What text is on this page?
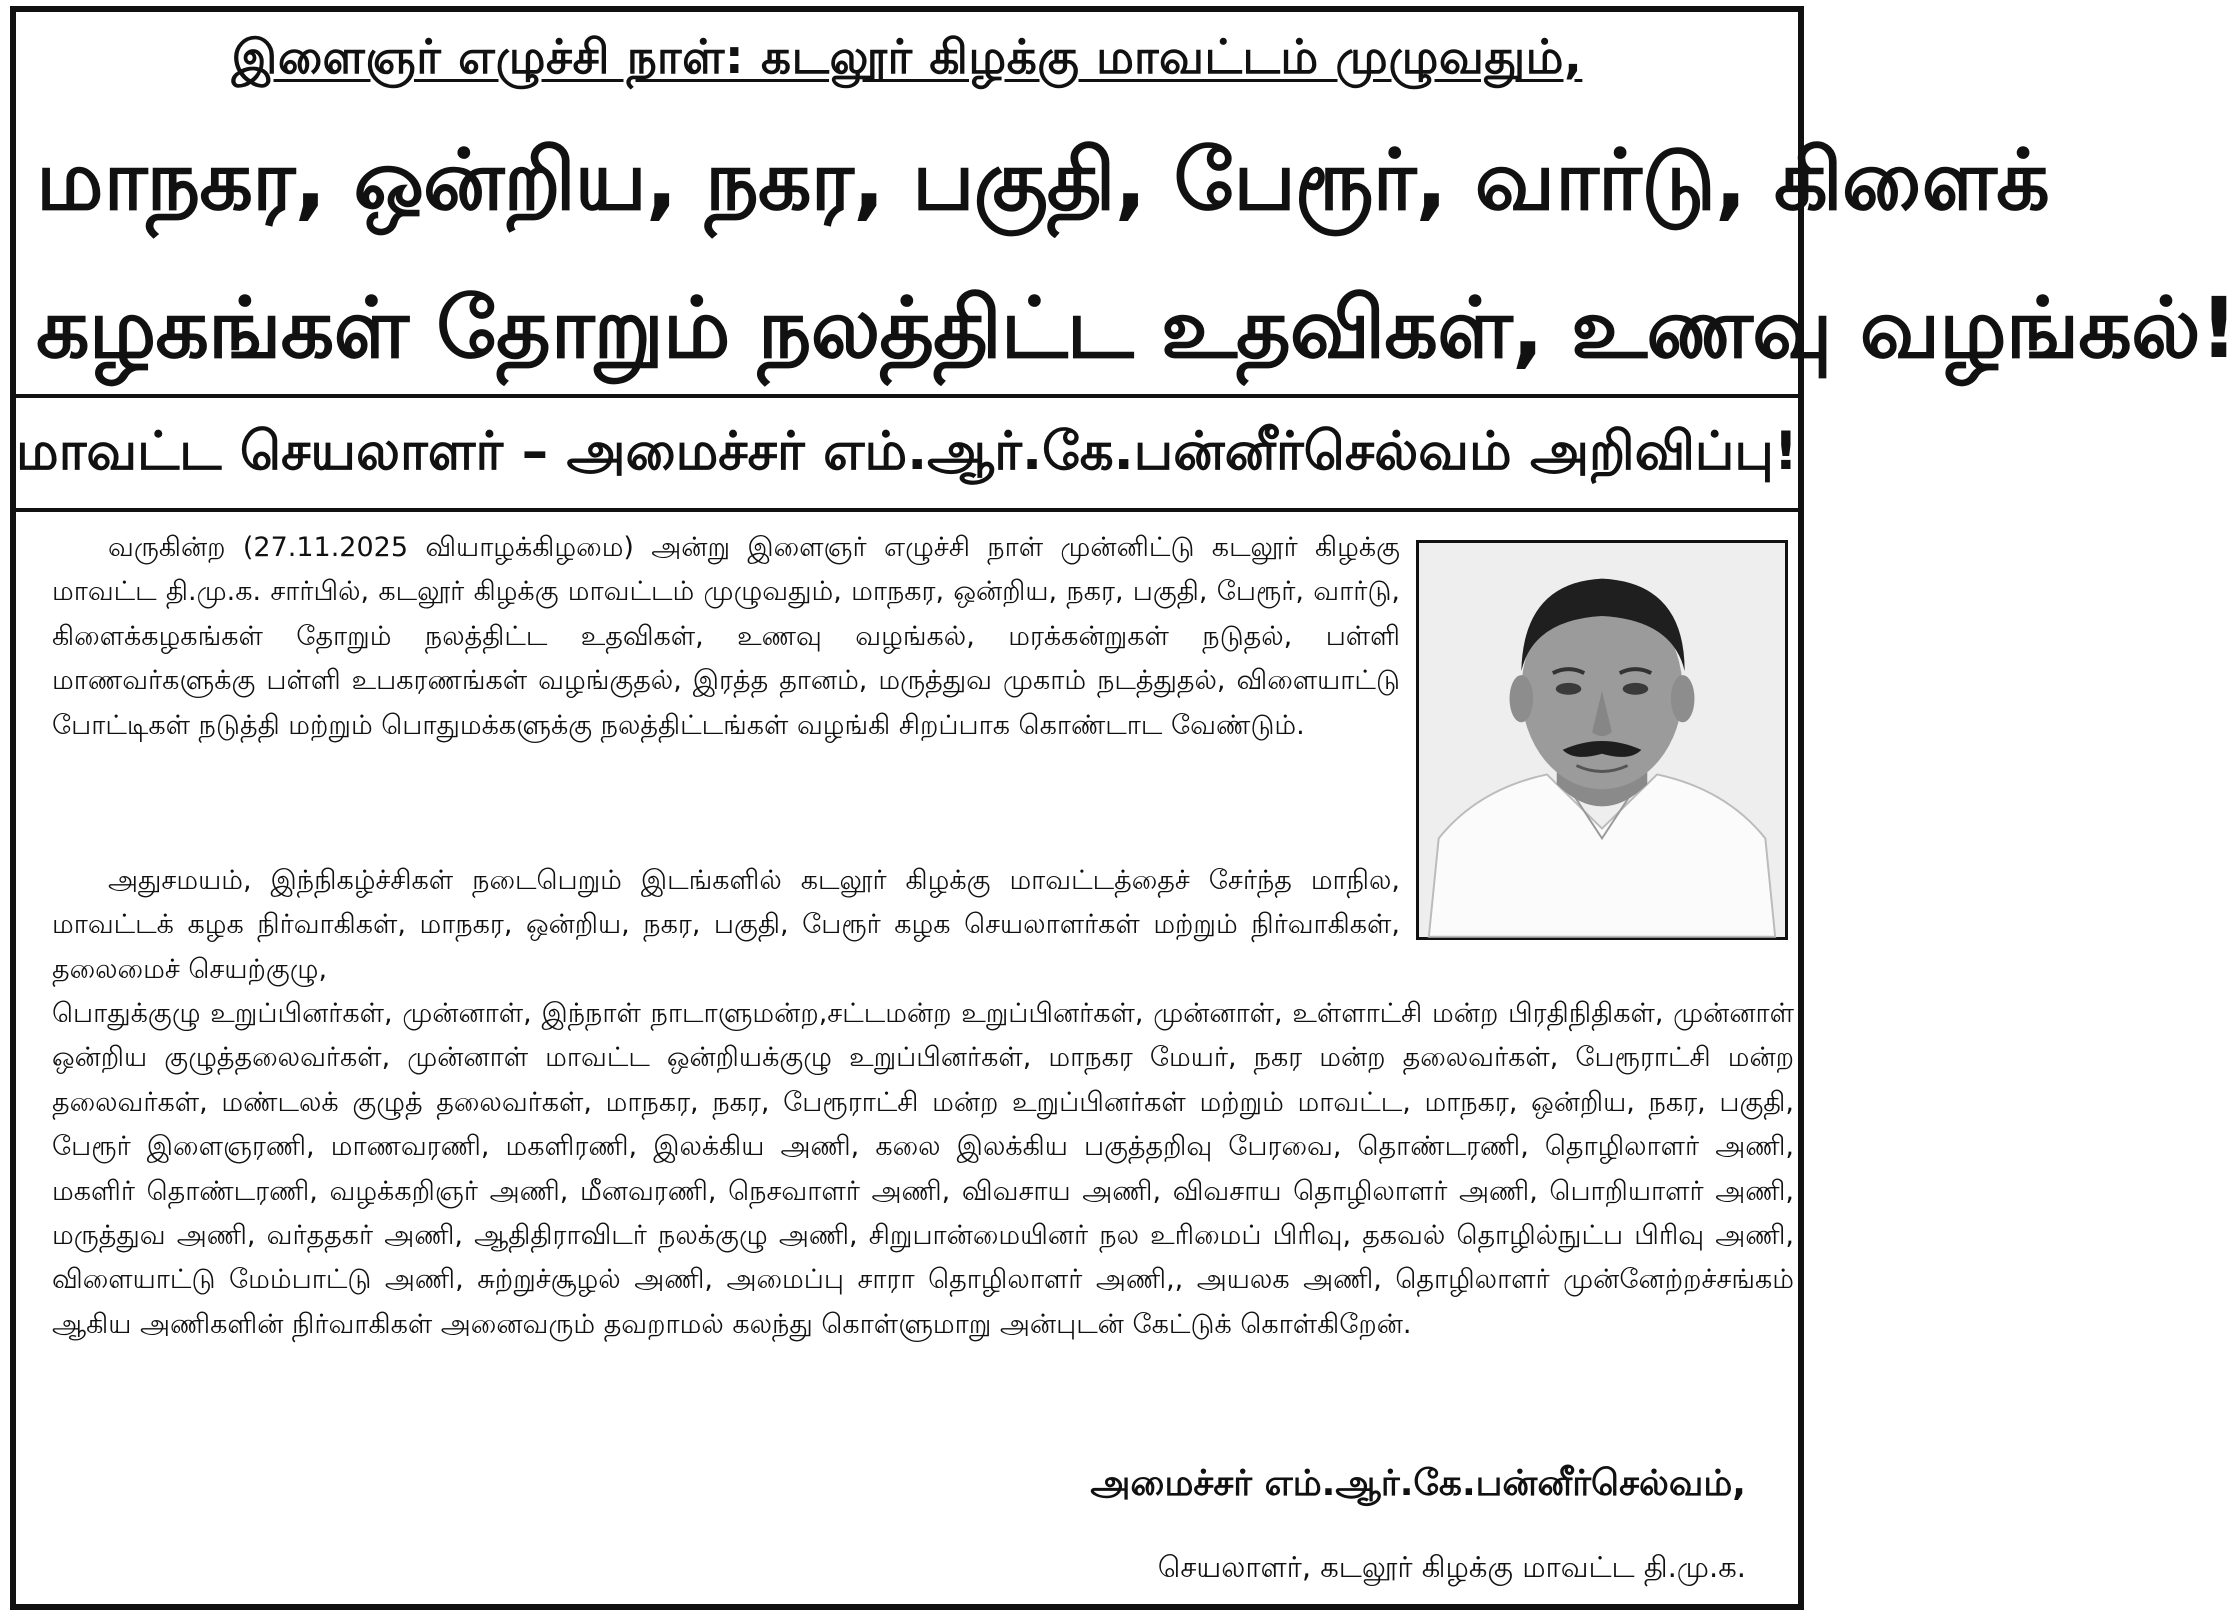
இளைஞர் எழுச்சி நாள்: கடலூர் கிழக்கு மாவட்டம் முழுவதும்,
மாநகர, ஒன்றிய, நகர, பகுதி, பேரூர், வார்டு, கிளைக்
கழகங்கள் தோறும் நலத்திட்ட உதவிகள், உணவு வழங்கல்!
மாவட்ட செயலாளர் – அமைச்சர் எம்.ஆர்.கே.பன்னீர்செல்வம் அறிவிப்பு!
வருகின்ற (27.11.2025 வியாழக்கிழமை) அன்று இளைஞர் எழுச்சி நாள் முன்னிட்டு கடலூர் கிழக்கு மாவட்ட தி.மு.க. சார்பில், கடலூர் கிழக்கு மாவட்டம் முழுவதும், மாநகர, ஒன்றிய, நகர, பகுதி, பேரூர், வார்டு, கிளைக்கழகங்கள் தோறும் நலத்திட்ட உதவிகள், உணவு வழங்கல், மரக்கன்றுகள் நடுதல், பள்ளி மாணவர்களுக்கு பள்ளி உபகரணங்கள் வழங்குதல், இரத்த தானம், மருத்துவ முகாம் நடத்துதல், விளையாட்டு போட்டிகள் நடுத்தி மற்றும் பொதுமக்களுக்கு நலத்திட்டங்கள் வழங்கி சிறப்பாக கொண்டாட வேண்டும்.
அதுசமயம், இந்நிகழ்ச்சிகள் நடைபெறும் இடங்களில் கடலூர் கிழக்கு மாவட்டத்தைச் சேர்ந்த மாநில, மாவட்டக் கழக நிர்வாகிகள், மாநகர, ஒன்றிய, நகர, பகுதி, பேரூர் கழக செயலாளர்கள் மற்றும் நிர்வாகிகள், தலைமைச் செயற்குழு,
பொதுக்குழு உறுப்பினர்கள், முன்னாள், இந்நாள் நாடாளுமன்ற,சட்டமன்ற உறுப்பினர்கள், முன்னாள், உள்ளாட்சி மன்ற பிரதிநிதிகள், முன்னாள் ஒன்றிய குழுத்தலைவர்கள், முன்னாள் மாவட்ட ஒன்றியக்குழு உறுப்பினர்கள், மாநகர மேயர், நகர மன்ற தலைவர்கள், பேரூராட்சி மன்ற தலைவர்கள், மண்டலக் குழுத் தலைவர்கள், மாநகர, நகர, பேரூராட்சி மன்ற உறுப்பினர்கள் மற்றும் மாவட்ட, மாநகர, ஒன்றிய, நகர, பகுதி, பேரூர் இளைஞரணி, மாணவரணி, மகளிரணி, இலக்கிய அணி, கலை இலக்கிய பகுத்தறிவு பேரவை, தொண்டரணி, தொழிலாளர் அணி, மகளிர் தொண்டரணி, வழக்கறிஞர் அணி, மீனவரணி, நெசவாளர் அணி, விவசாய அணி, விவசாய தொழிலாளர் அணி, பொறியாளர் அணி, மருத்துவ அணி, வர்ததகர் அணி, ஆதிதிராவிடர் நலக்குழு அணி, சிறுபான்மையினர் நல உரிமைப் பிரிவு, தகவல் தொழில்நுட்ப பிரிவு அணி, விளையாட்டு மேம்பாட்டு அணி, சுற்றுச்சூழல் அணி, அமைப்பு சாரா தொழிலாளர் அணி,, அயலக அணி, தொழிலாளர் முன்னேற்றச்சங்கம் ஆகிய அணிகளின் நிர்வாகிகள் அனைவரும் தவறாமல் கலந்து கொள்ளுமாறு அன்புடன் கேட்டுக் கொள்கிறேன்.
அமைச்சர் எம்.ஆர்.கே.பன்னீர்செல்வம்,
செயலாளர், கடலூர் கிழக்கு மாவட்ட தி.மு.க.
